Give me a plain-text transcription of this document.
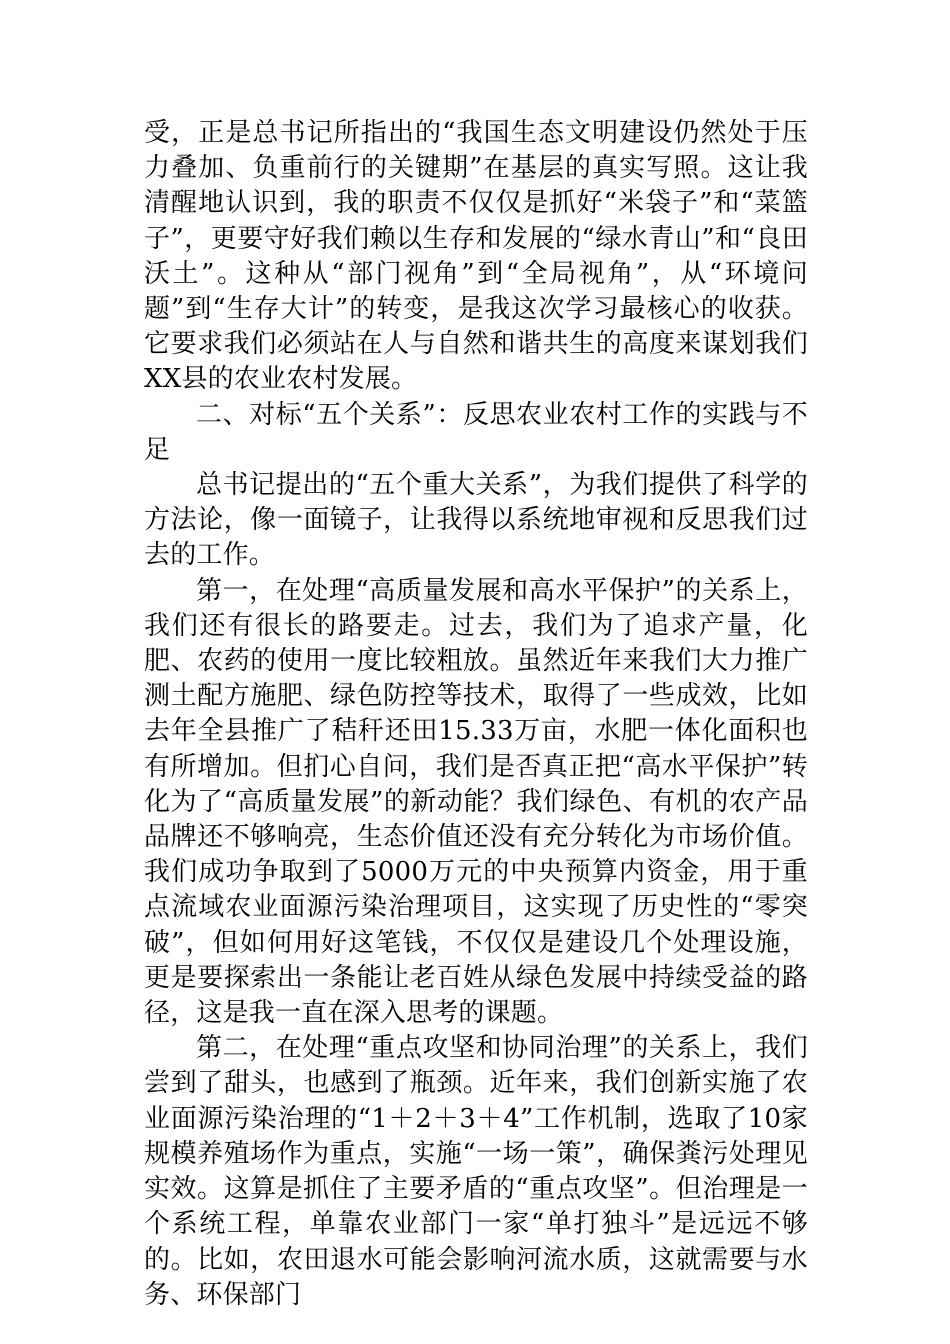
受，正是总书记所指出的“我国生态文明建设仍然处于压力叠加、负重前行的关键期”在基层的真实写照。这让我清醒地认识到，我的职责不仅仅是抓好“米袋子”和“菜篮子”，更要守好我们赖以生存和发展的“绿水青山”和“良田沃土”。这种从“部门视角”到“全局视角”，从“环境问题”到“生存大计”的转变，是我这次学习最核心的收获。它要求我们必须站在人与自然和谐共生的高度来谋划我们XX县的农业农村发展。

二、对标“五个关系”：反思农业农村工作的实践与不足

总书记提出的“五个重大关系”，为我们提供了科学的方法论，像一面镜子，让我得以系统地审视和反思我们过去的工作。

第一，在处理“高质量发展和高水平保护”的关系上，我们还有很长的路要走。过去，我们为了追求产量，化肥、农药的使用一度比较粗放。虽然近年来我们大力推广测土配方施肥、绿色防控等技术，取得了一些成效，比如去年全县推广了秸秆还田15.33万亩，水肥一体化面积也有所增加。但扪心自问，我们是否真正把“高水平保护”转化为了“高质量发展”的新动能？我们绿色、有机的农产品品牌还不够响亮，生态价值还没有充分转化为市场价值。我们成功争取到了5000万元的中央预算内资金，用于重点流域农业面源污染治理项目，这实现了历史性的“零突破”，但如何用好这笔钱，不仅仅是建设几个处理设施，更是要探索出一条能让老百姓从绿色发展中持续受益的路径，这是我一直在深入思考的课题。

第二，在处理“重点攻坚和协同治理”的关系上，我们尝到了甜头，也感到了瓶颈。近年来，我们创新实施了农业面源污染治理的“1＋2＋3＋4”工作机制，选取了10家规模养殖场作为重点，实施“一场一策”，确保粪污处理见实效。这算是抓住了主要矛盾的“重点攻坚”。但治理是一个系统工程，单靠农业部门一家“单打独斗”是远远不够的。比如，农田退水可能会影响河流水质，这就需要与水务、环保部门
